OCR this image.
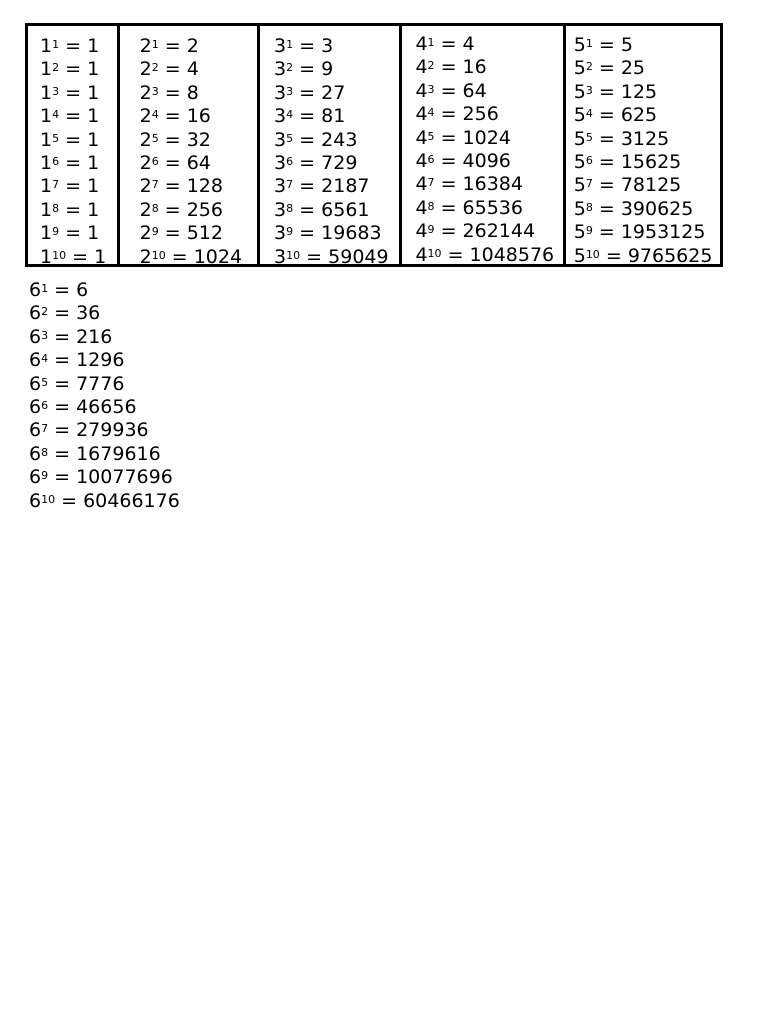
$1^1 = 1$
$1^2 = 1$
$1^3 = 1$
$1^4 = 1$
$1^5 = 1$
$1^6 = 1$
$1^7 = 1$
$1^8 = 1$
$1^9 = 1$
$1^{10} = 1$
$2^1 = 2$
$2^2 = 4$
$2^3 = 8$
$2^4 = 16$
$2^5 = 32$
$2^6 = 64$
$2^7 = 128$
$2^8 = 256$
$2^9 = 512$
$2^{10} = 1024$
$3^1 = 3$
$3^2 = 9$
$3^3 = 27$
$3^4 = 81$
$3^5 = 243$
$3^6 = 729$
$3^7 = 2187$
$3^8 = 6561$
$3^9 = 19683$
$3^{10} = 59049$
$4^1 = 4$
$4^2 = 16$
$4^3 = 64$
$4^4 = 256$
$4^5 = 1024$
$4^6 = 4096$
$4^7 = 16384$
$4^8 = 65536$
$4^9 = 262144$
$4^{10} = 1048576$
$5^1 = 5$
$5^2 = 25$
$5^3 = 125$
$5^4 = 625$
$5^5 = 3125$
$5^6 = 15625$
$5^7 = 78125$
$5^8 = 390625$
$5^9 = 1953125$
$5^{10} = 9765625$
$6^1 = 6$
$6^2 = 36$
$6^3 = 216$
$6^4 = 1296$
$6^5 = 7776$
$6^6 = 46656$
$6^7 = 279936$
$6^8 = 1679616$
$6^9 = 10077696$
$6^{10} = 60466176$
